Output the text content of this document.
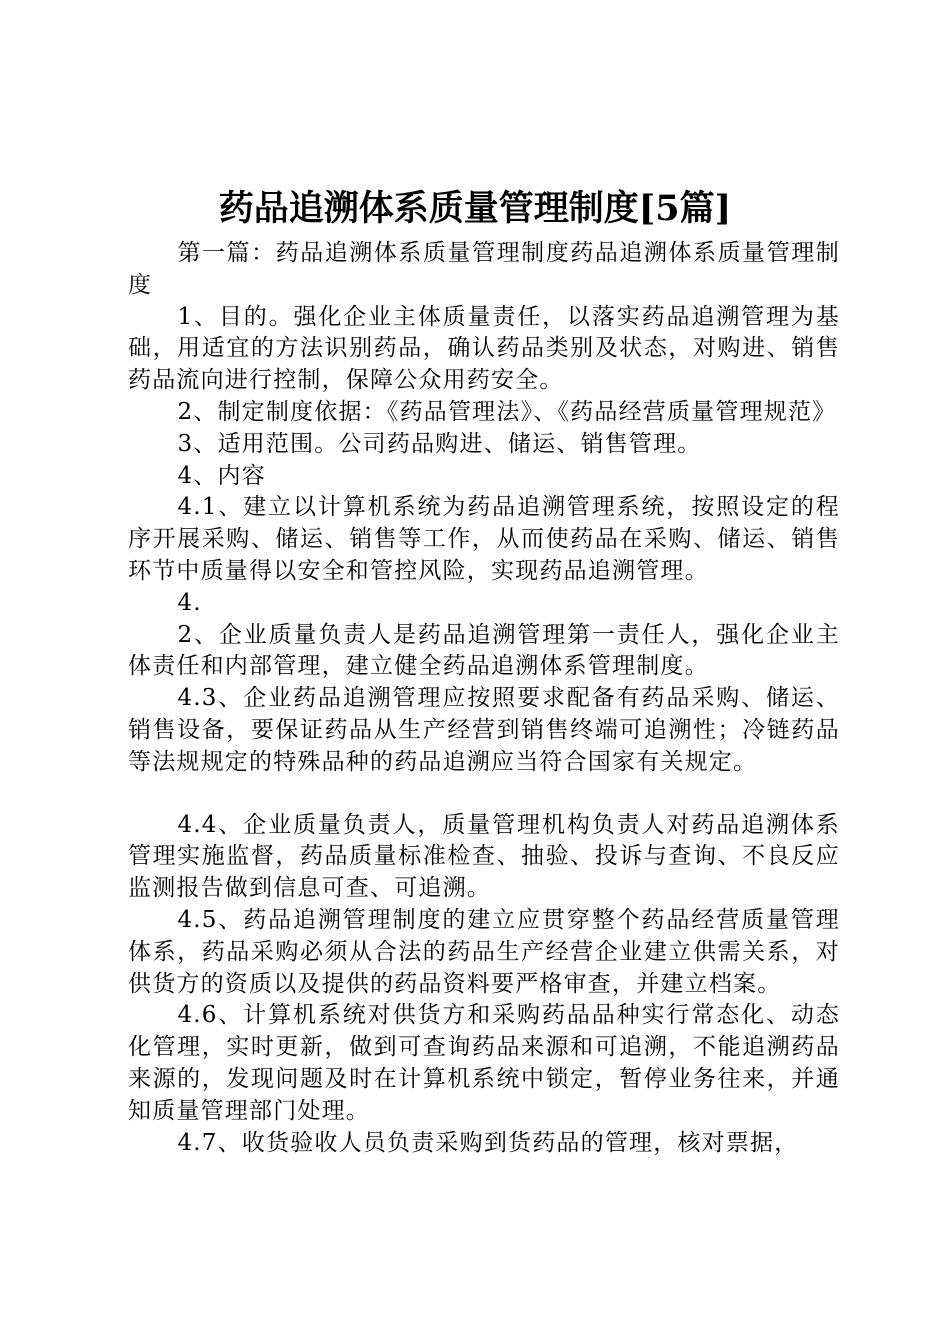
药品追溯体系质量管理制度[5篇]

第一篇：药品追溯体系质量管理制度药品追溯体系质量管理制度

1、目的。强化企业主体质量责任，以落实药品追溯管理为基础，用适宜的方法识别药品，确认药品类别及状态，对购进、销售药品流向进行控制，保障公众用药安全。

2、制定制度依据：《药品管理法》、《药品经营质量管理规范》

3、适用范围。公司药品购进、储运、销售管理。

4、内容

4.1、建立以计算机系统为药品追溯管理系统，按照设定的程序开展采购、储运、销售等工作，从而使药品在采购、储运、销售环节中质量得以安全和管控风险，实现药品追溯管理。

4.

2、企业质量负责人是药品追溯管理第一责任人，强化企业主体责任和内部管理，建立健全药品追溯体系管理制度。

4.3、企业药品追溯管理应按照要求配备有药品采购、储运、销售设备，要保证药品从生产经营到销售终端可追溯性；冷链药品等法规规定的特殊品种的药品追溯应当符合国家有关规定。

4.4、企业质量负责人，质量管理机构负责人对药品追溯体系管理实施监督，药品质量标准检查、抽验、投诉与查询、不良反应监测报告做到信息可查、可追溯。

4.5、药品追溯管理制度的建立应贯穿整个药品经营质量管理体系，药品采购必须从合法的药品生产经营企业建立供需关系，对供货方的资质以及提供的药品资料要严格审查，并建立档案。

4.6、计算机系统对供货方和采购药品品种实行常态化、动态化管理，实时更新，做到可查询药品来源和可追溯，不能追溯药品来源的，发现问题及时在计算机系统中锁定，暂停业务往来，并通知质量管理部门处理。

4.7、收货验收人员负责采购到货药品的管理，核对票据，
